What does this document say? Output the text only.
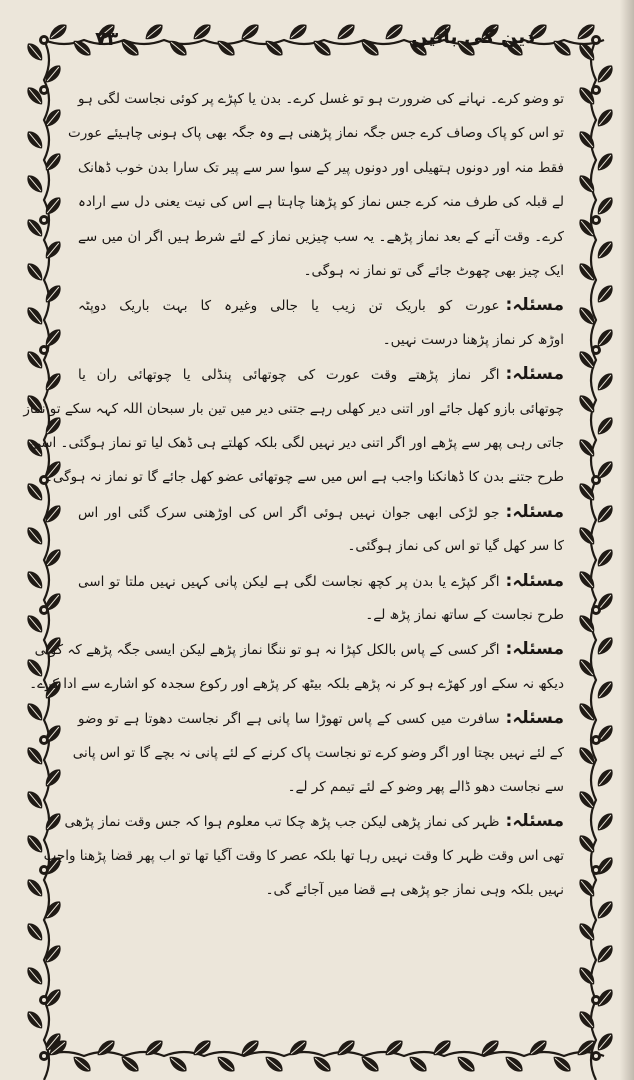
۷۳	دین کی باتیں
تو وضو کرے۔ نہانے کی ضرورت ہو تو غسل کرے۔ بدن یا کپڑے پر کوئی نجاست لگی ہو
تو اس کو پاک وصاف کرے جس جگہ نماز پڑھنی ہے وہ جگہ بھی پاک ہونی چاہیئے عورت
فقط منہ اور دونوں ہتھیلی اور دونوں پیر کے سوا سر سے پیر تک سارا بدن خوب ڈھانک
لے قبلہ کی طرف منہ کرے جس نماز کو پڑھنا چاہتا ہے اس کی نیت یعنی دل سے ارادہ
کرے۔ وقت آنے کے بعد نماز پڑھے۔ یہ سب چیزیں نماز کے لئے شرط ہیں اگر ان میں سے
ایک چیز بھی چھوٹ جائے گی تو نماز نہ ہوگی۔
مسئلہ:عورت کو باریک تن زیب یا جالی وغیرہ کا بہت باریک دوپٹہ
اوڑھ کر نماز پڑھنا درست نہیں۔
مسئلہ:اگر نماز پڑھتے وقت عورت کی چوتھائی پنڈلی یا چوتھائی ران یا
چوتھائی بازو کھل جائے اور اتنی دیر کھلی رہے جتنی دیر میں تین بار سبحان اللہ کہہ سکے تو نماز
جاتی رہی پھر سے پڑھے اور اگر اتنی دیر نہیں لگی بلکہ کھلتے ہی ڈھک لیا تو نماز ہوگئی۔ اسی
طرح جتنے بدن کا ڈھانکنا واجب ہے اس میں سے چوتھائی عضو کھل جائے گا تو نماز نہ ہوگی۔
مسئلہ:جو لڑکی ابھی جوان نہیں ہوئی اگر اس کی اوڑھنی سرک گئی اور اس
کا سر کھل گیا تو اس کی نماز ہوگئی۔
مسئلہ:اگر کپڑے یا بدن پر کچھ نجاست لگی ہے لیکن پانی کہیں نہیں ملتا تو اسی
طرح نجاست کے ساتھ نماز پڑھ لے۔
مسئلہ:اگر کسی کے پاس بالکل کپڑا نہ ہو تو ننگا نماز پڑھے لیکن ایسی جگہ پڑھے کہ کوئی
دیکھ نہ سکے اور کھڑے ہو کر نہ پڑھے بلکہ بیٹھ کر پڑھے اور رکوع سجدہ کو اشارے سے ادا کرے۔
مسئلہ:سافرت میں کسی کے پاس تھوڑا سا پانی ہے اگر نجاست دھوتا ہے تو وضو
کے لئے نہیں بچتا اور اگر وضو کرے تو نجاست پاک کرنے کے لئے پانی نہ بچے گا تو اس پانی
سے نجاست دھو ڈالے پھر وضو کے لئے تیمم کر لے۔
مسئلہ:ظہر کی نماز پڑھی لیکن جب پڑھ چکا تب معلوم ہوا کہ جس وقت نماز پڑھی
تھی اس وقت ظہر کا وقت نہیں رہا تھا بلکہ عصر کا وقت آگیا تھا تو اب پھر قضا پڑھنا واجب
نہیں بلکہ وہی نماز جو پڑھی ہے قضا میں آجائے گی۔
